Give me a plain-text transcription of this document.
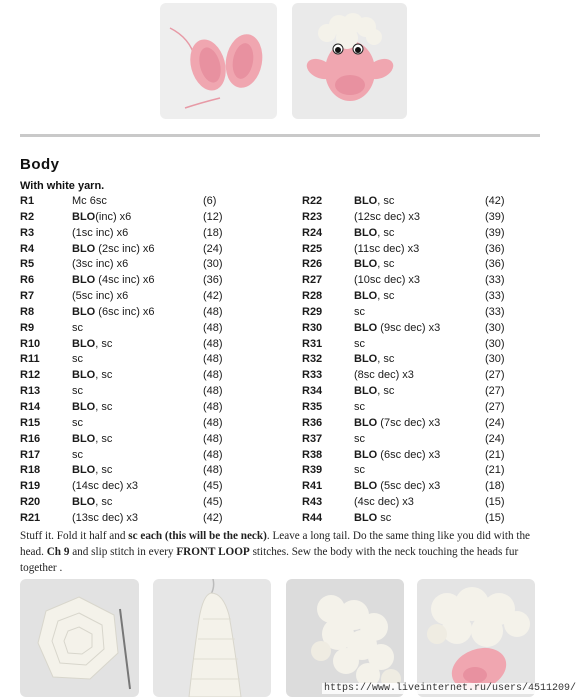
Body
With white yarn.
R1	Mc 6sc	(6)
R2	BLO(inc) x6	(12)
R3	(1sc inc) x6	(18)
R4	BLO (2sc inc) x6	(24)
R5	(3sc inc) x6	(30)
R6	BLO (4sc inc) x6	(36)
R7	(5sc inc) x6	(42)
R8	BLO (6sc inc) x6	(48)
R9	sc	(48)
R10	BLO, sc	(48)
R11	sc	(48)
R12	BLO, sc	(48)
R13	sc	(48)
R14	BLO, sc	(48)
R15	sc	(48)
R16	BLO, sc	(48)
R17	sc	(48)
R18	BLO, sc	(48)
R19	(14sc dec) x3	(45)
R20	BLO, sc	(45)
R21	(13sc dec) x3	(42)
R22	BLO, sc	(42)
R23	(12sc dec) x3	(39)
R24	BLO, sc	(39)
R25	(11sc dec) x3	(36)
R26	BLO, sc	(36)
R27	(10sc dec) x3	(33)
R28	BLO, sc	(33)
R29	sc	(33)
R30	BLO (9sc dec) x3	(30)
R31	sc	(30)
R32	BLO, sc	(30)
R33	(8sc dec) x3	(27)
R34	BLO, sc	(27)
R35	sc	(27)
R36	BLO (7sc dec) x3	(24)
R37	sc	(24)
R38	BLO (6sc dec) x3	(21)
R39	sc	(21)
R41	BLO (5sc dec) x3	(18)
R43	(4sc dec) x3	(15)
R44	BLO sc	(15)
Stuff it. Fold it half and sc each (this will be the neck). Leave a long tail. Do the same thing like you did with the head. Ch 9 and slip stitch in every FRONT LOOP stitches. Sew the body with the neck touching the heads fur together .
https://www.liveinternet.ru/users/4511209/
